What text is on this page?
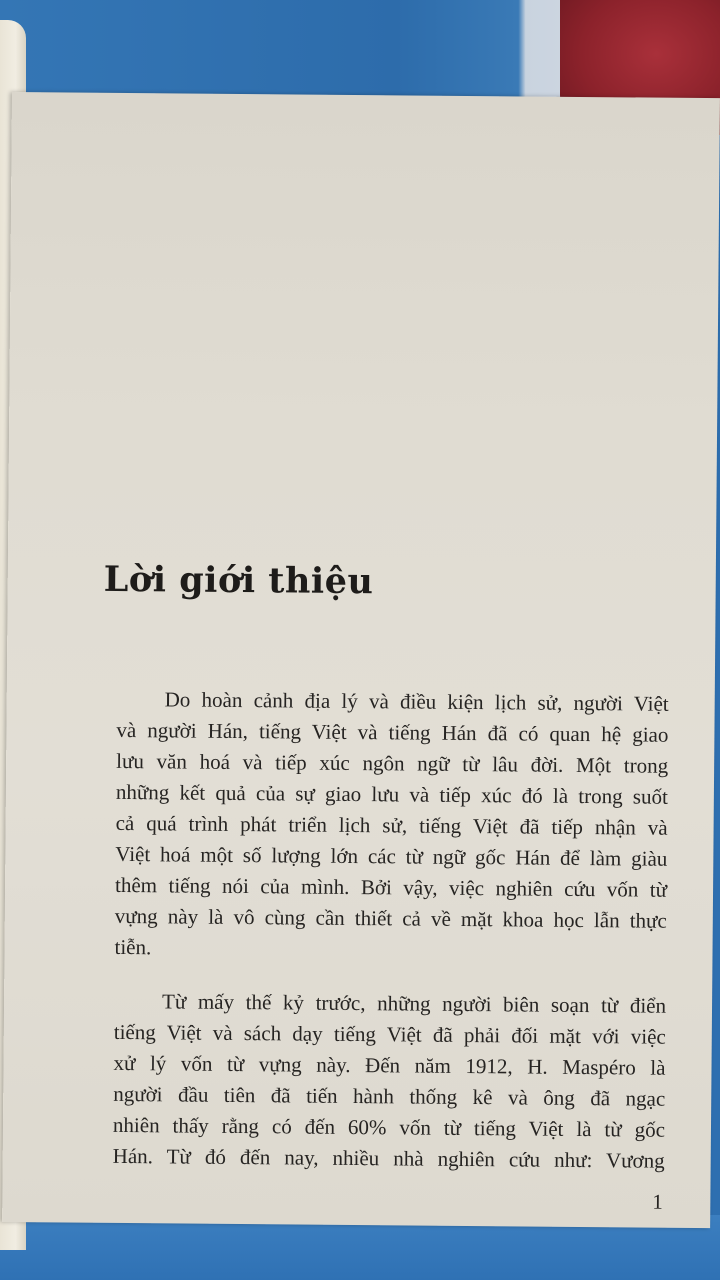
Lời giới thiệu

Do hoàn cảnh địa lý và điều kiện lịch sử, người Việt
và người Hán, tiếng Việt và tiếng Hán đã có quan hệ giao
lưu văn hoá và tiếp xúc ngôn ngữ từ lâu đời. Một trong
những kết quả của sự giao lưu và tiếp xúc đó là trong suốt
cả quá trình phát triển lịch sử, tiếng Việt đã tiếp nhận và
Việt hoá một số lượng lớn các từ ngữ gốc Hán để làm giàu
thêm tiếng nói của mình. Bởi vậy, việc nghiên cứu vốn từ
vựng này là vô cùng cần thiết cả về mặt khoa học lẫn thực
tiễn.

Từ mấy thế kỷ trước, những người biên soạn từ điển
tiếng Việt và sách dạy tiếng Việt đã phải đối mặt với việc
xử lý vốn từ vựng này. Đến năm 1912, H. Maspéro là
người đầu tiên đã tiến hành thống kê và ông đã ngạc
nhiên thấy rằng có đến 60% vốn từ tiếng Việt là từ gốc
Hán. Từ đó đến nay, nhiều nhà nghiên cứu như: Vương

1
